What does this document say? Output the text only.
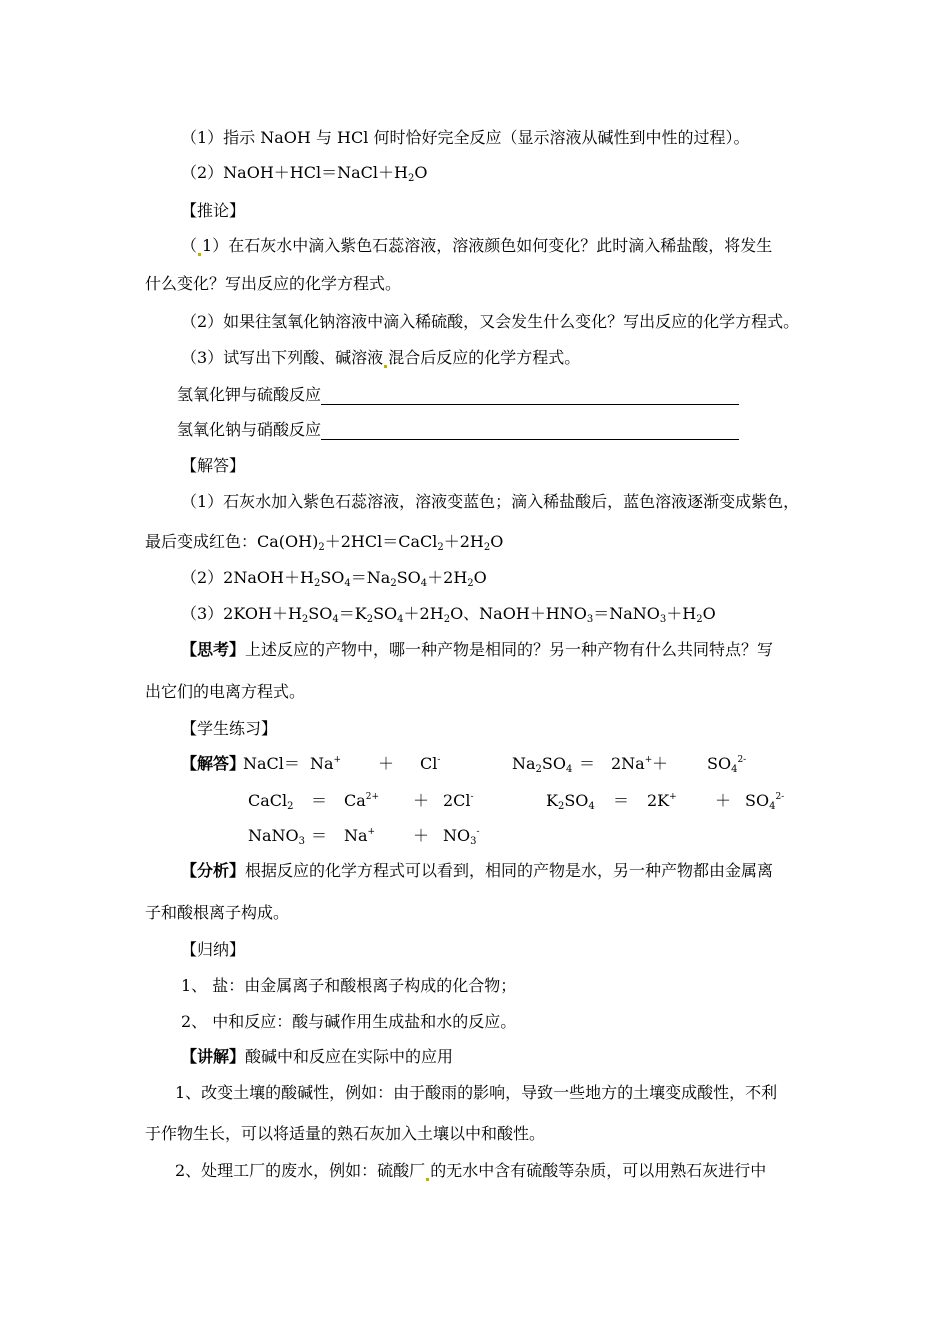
（1）指示 NaOH 与 HCl 何时恰好完全反应（显示溶液从碱性到中性的过程）。
$(2)NaOH+HCl=NaCl+H_2O$
【推论】
（ 1）在石灰水中滴入紫色石蕊溶液，溶液颜色如何变化？此时滴入稀盐酸，将发生
什么变化？写出反应的化学方程式。
（2）如果往氢氧化钠溶液中滴入稀硫酸，又会发生什么变化？写出反应的化学方程式。
（3）试写出下列酸、碱溶液 混合后反应的化学方程式。
氢氧化钾与硫酸反应
氢氧化钠与硝酸反应
【解答】
（1）石灰水加入紫色石蕊溶液，溶液变蓝色；滴入稀盐酸后，蓝色溶液逐渐变成紫色，
最后变成红色：$Ca(OH)_2+2HCl=CaCl_2+2H_2O$
$(2)2NaOH+H_2SO_4=Na_2SO_4+2H_2O$
$(3)2KOH+H_2SO_4=K_2SO_4+2H_2O$、$NaOH+HNO_3=NaNO_3+H_2O$
【思考】上述反应的产物中，哪一种产物是相同的？另一种产物有什么共同特点？写
出它们的电离方程式。
【学生练习】
【解答】
NaCl＝ Na+ ＋ Cl-	$Na_2SO_4 = 2Na^+ + SO_4^{2-}$
CaCl$_2$ ＝ $Ca^{2+} + 2Cl^-$	$K_2SO_4 = 2K^+ + SO_4^{2-}$
NaNO$_3$ ＝ $Na^+ + NO_3^-$
【分析】根据反应的化学方程式可以看到，相同的产物是水，另一种产物都由金属离
子和酸根离子构成。
【归纳】
1、 盐：由金属离子和酸根离子构成的化合物；
2、 中和反应：酸与碱作用生成盐和水的反应。
【讲解】酸碱中和反应在实际中的应用
1、改变土壤的酸碱性，例如：由于酸雨的影响，导致一些地方的土壤变成酸性，不利
于作物生长，可以将适量的熟石灰加入土壤以中和酸性。
2、处理工厂的废水，例如：硫酸厂 的无水中含有硫酸等杂质，可以用熟石灰进行中
